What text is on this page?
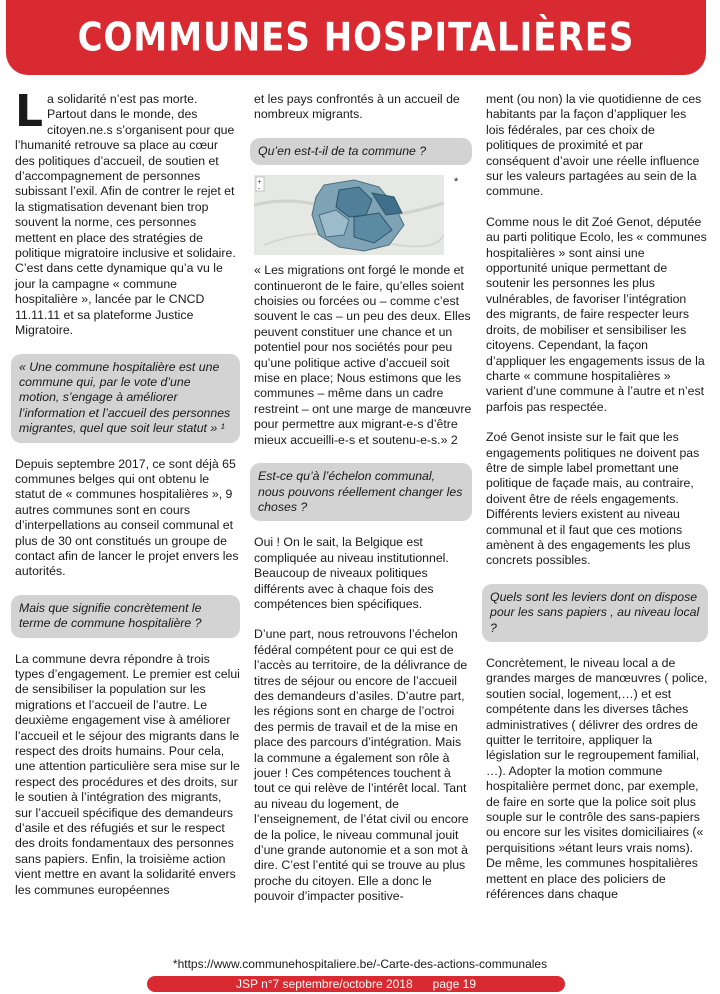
COMMUNES HOSPITALIÈRES

La solidarité n’est pas morte. Partout dans le monde, des citoyen.ne.s s’organisent pour que l’humanité retrouve sa place au cœur des politiques d’accueil, de soutien et d’accompagnement de personnes subissant l’exil. Afin de contrer le rejet et la stigmatisation devenant bien trop souvent la norme, ces personnes mettent en place des stratégies de politique migratoire inclusive et solidaire. C’est dans cette dynamique qu’a vu le jour la campagne « commune hospitalière », lancée par le CNCD 11.11.11 et sa plateforme Justice Migratoire.

« Une commune hospitalière est une commune qui, par le vote d’une motion, s’engage à améliorer l’information et l’accueil des personnes migrantes, quel que soit leur statut » ¹

Depuis septembre 2017, ce sont déjà 65 communes belges qui ont obtenu le statut de « communes hospitalières », 9 autres communes sont en cours d’interpellations au conseil communal et plus de 30 ont constitués un groupe de contact afin de lancer le projet envers les autorités.

Mais que signifie concrètement le terme de commune hospitalière ?

La commune devra répondre à trois types d’engagement. Le premier est celui de sensibiliser la population sur les migrations et l’accueil de l’autre. Le deuxième engagement vise à améliorer l’accueil et le séjour des migrants dans le respect des droits humains. Pour cela, une attention particulière sera mise sur le respect des procédures et des droits, sur le soutien à l’intégration des migrants, sur l’accueil spécifique des demandeurs d’asile et des réfugiés et sur le respect des droits fondamentaux des personnes sans papiers. Enfin, la troisième action vient mettre en avant la solidarité envers les communes européennes

et les pays confrontés à un accueil de nombreux migrants.

Qu’en est-t-il de ta commune ?
+
-
*

« Les migrations ont forgé le monde et continueront de le faire, qu’elles soient choisies ou forcées ou – comme c’est souvent le cas – un peu des deux. Elles peuvent constituer une chance et un potentiel pour nos sociétés pour peu qu’une politique active d’accueil soit mise en place; Nous estimons que les communes – même dans un cadre restreint – ont une marge de manœuvre pour permettre aux migrant-e-s d’être mieux accueilli-e-s et soutenu-e-s.» 2

Est-ce qu’à l’échelon communal, nous pouvons réellement changer les choses ?

Oui ! On le sait, la Belgique est compliquée au niveau institutionnel. Beaucoup de niveaux politiques différents avec à chaque fois des compétences bien spécifiques.

D’une part, nous retrouvons l’échelon fédéral compétent pour ce qui est de l’accès au territoire, de la délivrance de titres de séjour ou encore de l’accueil des demandeurs d’asiles. D’autre part, les régions sont en charge de l’octroi des permis de travail et de la mise en place des parcours d’intégration. Mais la commune a également son rôle à jouer ! Ces compétences touchent à tout ce qui relève de l’intérêt local. Tant au niveau du logement, de l’enseignement, de l’état civil ou encore de la police, le niveau communal jouit d’une grande autonomie et a son mot à dire. C’est l’entité qui se trouve au plus proche du citoyen. Elle a donc le pouvoir d’impacter positive-

ment (ou non) la vie quotidienne de ces habitants par la façon d’appliquer les lois fédérales, par ces choix de politiques de proximité et par conséquent d’avoir une réelle influence sur les valeurs partagées au sein de la commune.

Comme nous le dit Zoé Genot, députée au parti politique Ecolo, les « communes hospitalières » sont ainsi une opportunité unique permettant de soutenir les personnes les plus vulnérables, de favoriser l’intégration des migrants, de faire respecter leurs droits, de mobiliser et sensibiliser les citoyens. Cependant, la façon d’appliquer les engagements issus de la charte « commune hospitalières » varient d’une commune à l’autre et n’est parfois pas respectée.

Zoé Genot insiste sur le fait que les engagements politiques ne doivent pas être de simple label promettant une politique de façade mais, au contraire, doivent être de réels engagements. Différents leviers existent au niveau communal et il faut que ces motions amènent à des engagements les plus concrets possibles.

Quels sont les leviers dont on dispose pour les sans papiers , au niveau local ?

Concrètement, le niveau local a de grandes marges de manœuvres ( police, soutien social, logement,…) et est compétente dans les diverses tâches administratives ( délivrer des ordres de quitter le territoire, appliquer la législation sur le regroupement familial, …). Adopter la motion commune hospitalière permet donc, par exemple, de faire en sorte que la police soit plus souple sur le contrôle des sans-papiers ou encore sur les visites domiciliaires (« perquisitions »étant leurs vrais noms). De même, les communes hospitalières mettent en place des policiers de références dans chaque

*https://www.communehospitaliere.be/-Carte-des-actions-communales
JSP n°7 septembre/octobre 2018 page 19
